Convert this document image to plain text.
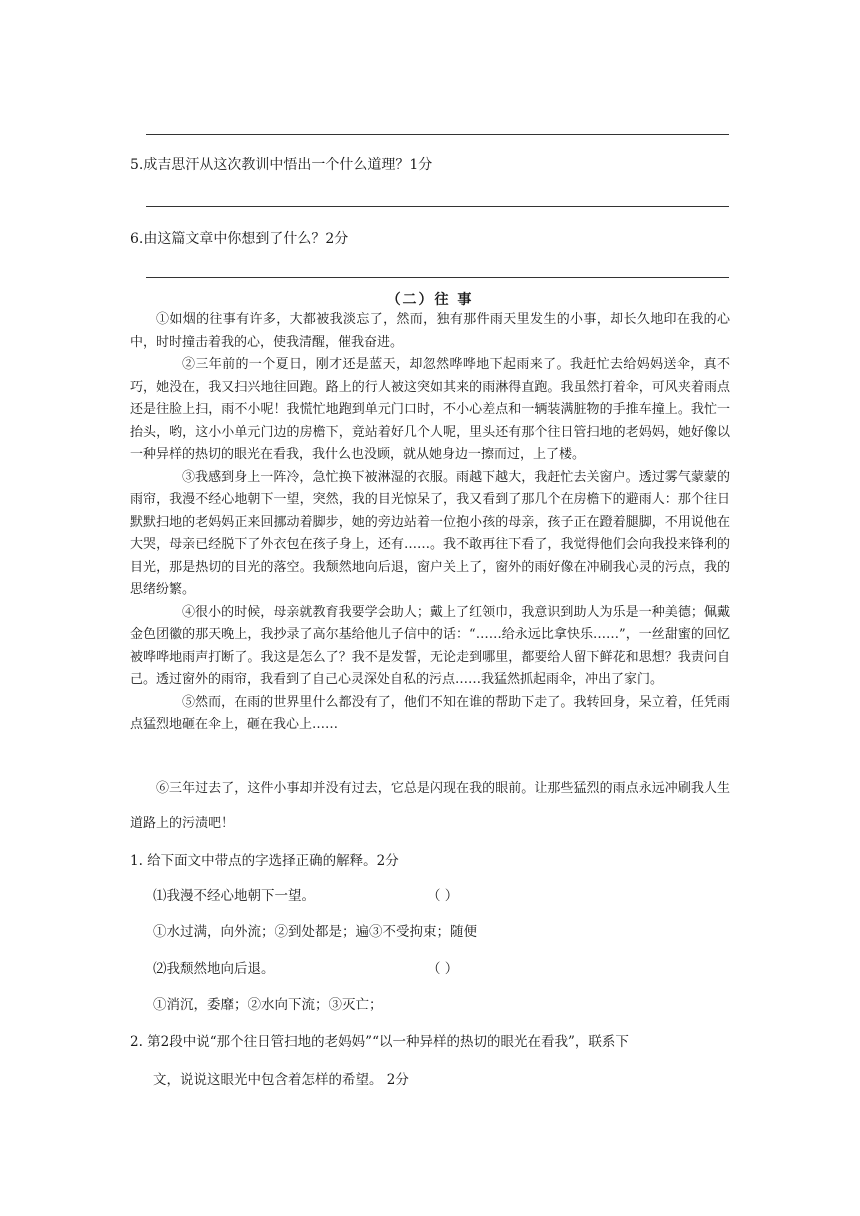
5.成吉思汗从这次教训中悟出一个什么道理？1分
6.由这篇文章中你想到了什么？2分
（二）往 事

①如烟的往事有许多，大都被我淡忘了，然而，独有那件雨天里发生的小事，却长久地印在我的心中，时时撞击着我的心，使我清醒，催我奋进。

②三年前的一个夏日，刚才还是蓝天，却忽然哗哗地下起雨来了。我赶忙去给妈妈送伞，真不巧，她没在，我又扫兴地往回跑。路上的行人被这突如其来的雨淋得直跑。我虽然打着伞，可风夹着雨点还是往脸上扫，雨不小呢！我慌忙地跑到单元门口时，不小心差点和一辆装满脏物的手推车撞上。我忙一抬头，哟，这小小单元门边的房檐下，竟站着好几个人呢，里头还有那个往日管扫地的老妈妈，她好像以一种异样的热切的眼光在看我，我什么也没顾，就从她身边一擦而过，上了楼。

③我感到身上一阵冷，急忙换下被淋湿的衣服。雨越下越大，我赶忙去关窗户。透过雾气蒙蒙的雨帘，我漫不经心地朝下一望，突然，我的目光惊呆了，我又看到了那几个在房檐下的避雨人：那个往日默默扫地的老妈妈正来回挪动着脚步，她的旁边站着一位抱小孩的母亲，孩子正在蹬着腿脚，不用说他在大哭，母亲已经脱下了外衣包在孩子身上，还有……。我不敢再往下看了，我觉得他们会向我投来锋利的目光，那是热切的目光的落空。我颓然地向后退，窗户关上了，窗外的雨好像在冲刷我心灵的污点，我的思绪纷繁。

④很小的时候，母亲就教育我要学会助人；戴上了红领巾，我意识到助人为乐是一种美德；佩戴金色团徽的那天晚上，我抄录了高尔基给他儿子信中的话：“……给永远比拿快乐……”，一丝甜蜜的回忆被哗哗地雨声打断了。我这是怎么了？我不是发誓，无论走到哪里，都要给人留下鲜花和思想？我责问自己。透过窗外的雨帘，我看到了自己心灵深处自私的污点……我猛然抓起雨伞，冲出了家门。

⑤然而，在雨的世界里什么都没有了，他们不知在谁的帮助下走了。我转回身，呆立着，任凭雨点猛烈地砸在伞上，砸在我心上……

⑥三年过去了，这件小事却并没有过去，它总是闪现在我的眼前。让那些猛烈的雨点永远冲刷我人生道路上的污渍吧！
1. 给下面文中带点的字选择正确的解释。2分
⑴我漫不经心地朝下一望。	（ ）
①水过满，向外流；②到处都是；遍③不受拘束；随便
⑵我颓然地向后退。	（ ）
①消沉，委靡；②水向下流；③灭亡；
2. 第2段中说“那个往日管扫地的老妈妈”“以一种异样的热切的眼光在看我”，联系下
文，说说这眼光中包含着怎样的希望。 2分
